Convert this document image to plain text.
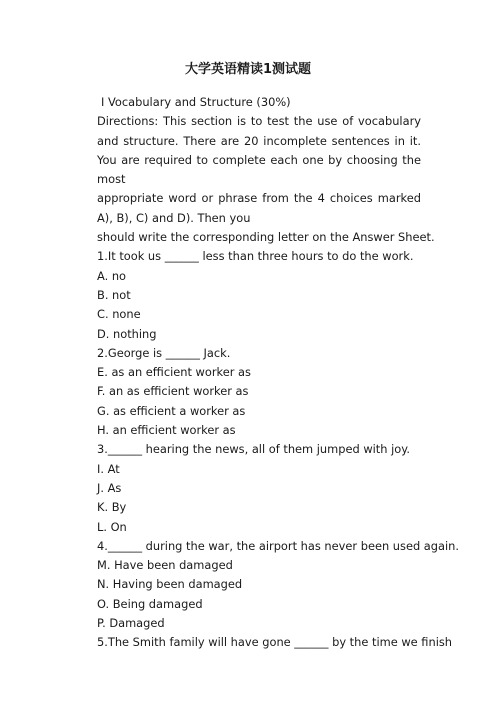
大学英语精读1测试题

I Vocabulary and Structure (30%)

Directions: This section is to test the use of vocabulary and structure. There are 20 incomplete sentences in it. You are required to complete each one by choosing the most

appropriate word or phrase from the 4 choices marked A), B), C) and D). Then you

should write the corresponding letter on the Answer Sheet.

1.It took us ______ less than three hours to do the work.

A. no

B. not

C. none

D. nothing

2.George is ______ Jack.

E. as an efficient worker as

F. an as efficient worker as

G. as efficient a worker as

H. an efficient worker as

3.______ hearing the news, all of them jumped with joy.

I. At

J. As

K. By

L. On

4.______ during the war, the airport has never been used again.

M. Have been damaged

N. Having been damaged

O. Being damaged

P. Damaged

5.The Smith family will have gone ______ by the time we finish
